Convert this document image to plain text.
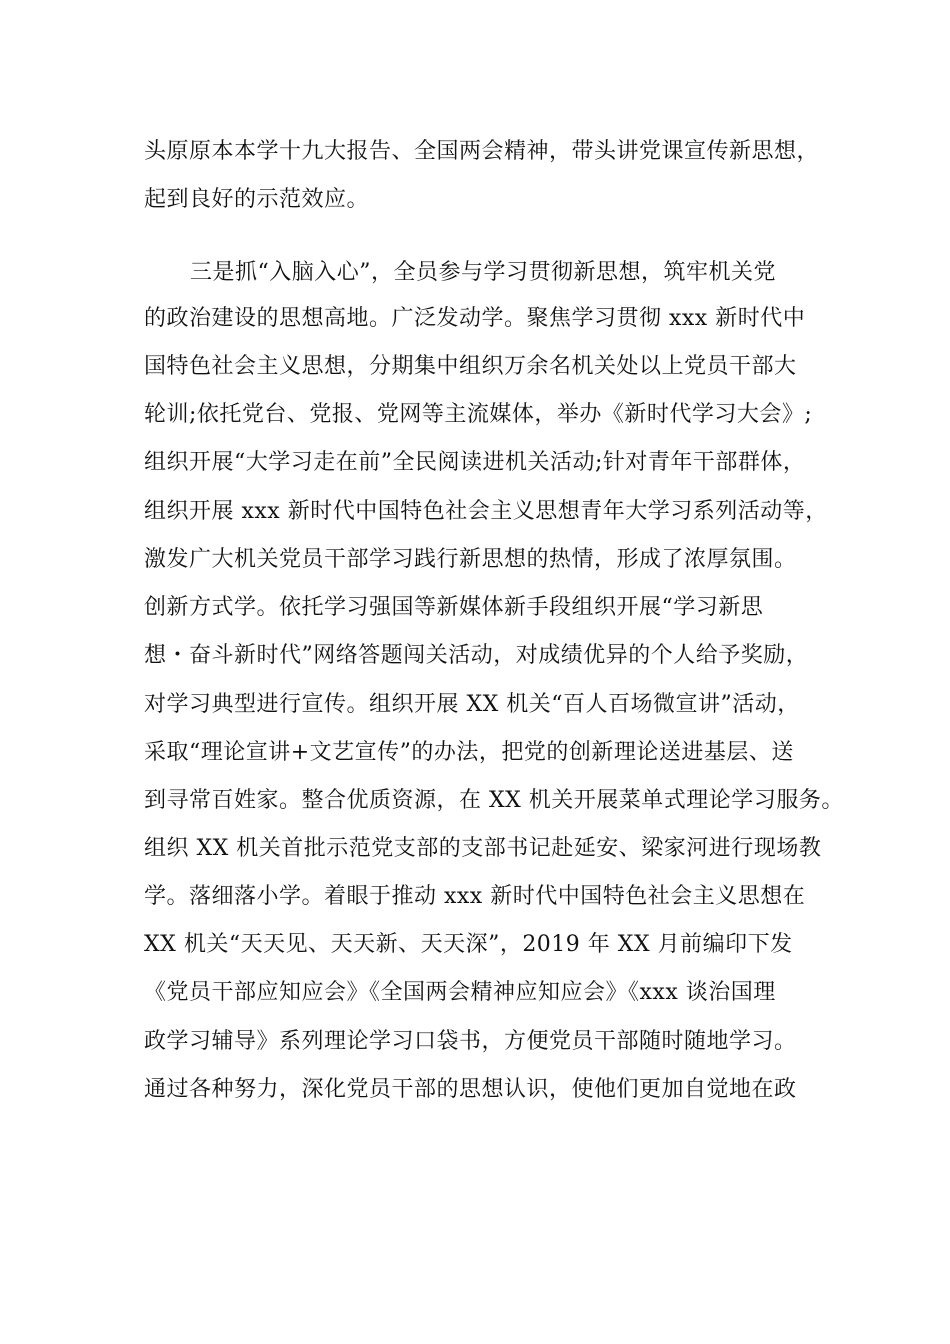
头原原本本学十九大报告、全国两会精神，带头讲党课宣传新思想，
起到良好的示范效应。
三是抓“入脑入心”，全员参与学习贯彻新思想，筑牢机关党
的政治建设的思想高地。广泛发动学。聚焦学习贯彻 xxx 新时代中
国特色社会主义思想，分期集中组织万余名机关处以上党员干部大
轮训;依托党台、党报、党网等主流媒体，举办《新时代学习大会》;
组织开展“大学习走在前”全民阅读进机关活动;针对青年干部群体，
组织开展 xxx 新时代中国特色社会主义思想青年大学习系列活动等，
激发广大机关党员干部学习践行新思想的热情，形成了浓厚氛围。
创新方式学。依托学习强国等新媒体新手段组织开展“学习新思
想・奋斗新时代”网络答题闯关活动，对成绩优异的个人给予奖励，
对学习典型进行宣传。组织开展 XX 机关“百人百场微宣讲”活动，
采取“理论宣讲+文艺宣传”的办法，把党的创新理论送进基层、送
到寻常百姓家。整合优质资源，在 XX 机关开展菜单式理论学习服务。
组织 XX 机关首批示范党支部的支部书记赴延安、梁家河进行现场教
学。落细落小学。着眼于推动 xxx 新时代中国特色社会主义思想在
XX 机关“天天见、天天新、天天深”，2019 年 XX 月前编印下发
《党员干部应知应会》《全国两会精神应知应会》《xxx 谈治国理
政学习辅导》系列理论学习口袋书，方便党员干部随时随地学习。
通过各种努力，深化党员干部的思想认识，使他们更加自觉地在政
